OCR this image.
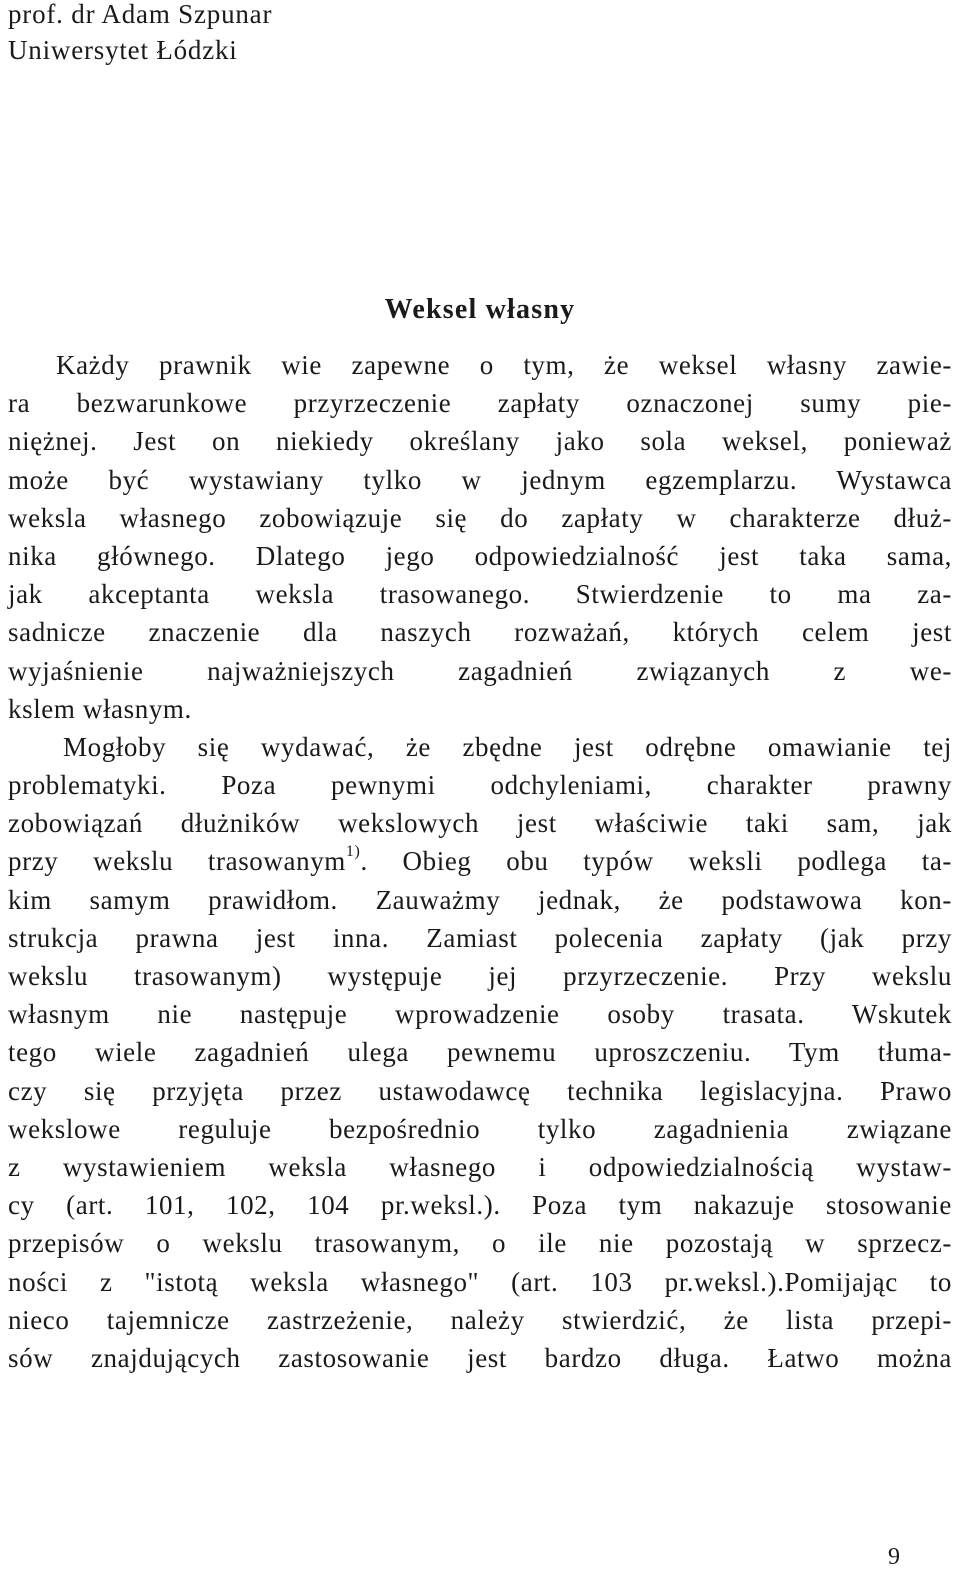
prof. dr Adam Szpunar
Uniwersytet Łódzki
Weksel własny
Każdy prawnik wie zapewne o tym, że weksel własny zawie-
ra bezwarunkowe przyrzeczenie zapłaty oznaczonej sumy pie-
niężnej. Jest on niekiedy określany jako sola weksel, ponieważ
może być wystawiany tylko w jednym egzemplarzu. Wystawca
weksla własnego zobowiązuje się do zapłaty w charakterze dłuż-
nika głównego. Dlatego jego odpowiedzialność jest taka sama,
jak akceptanta weksla trasowanego. Stwierdzenie to ma za-
sadnicze znaczenie dla naszych rozważań, których celem jest
wyjaśnienie najważniejszych zagadnień związanych z we-
kslem własnym.
Mogłoby się wydawać, że zbędne jest odrębne omawianie tej
problematyki. Poza pewnymi odchyleniami, charakter prawny
zobowiązań dłużników wekslowych jest właściwie taki sam, jak
przy wekslu trasowanym$^{1)}$. Obieg obu typów weksli podlega ta-
kim samym prawidłom. Zauważmy jednak, że podstawowa kon-
strukcja prawna jest inna. Zamiast polecenia zapłaty (jak przy
wekslu trasowanym) występuje jej przyrzeczenie. Przy wekslu
własnym nie następuje wprowadzenie osoby trasata. Wskutek
tego wiele zagadnień ulega pewnemu uproszczeniu. Tym tłuma-
czy się przyjęta przez ustawodawcę technika legislacyjna. Prawo
wekslowe reguluje bezpośrednio tylko zagadnienia związane
z wystawieniem weksla własnego i odpowiedzialnością wystaw-
cy (art. 101, 102, 104 pr.weksl.). Poza tym nakazuje stosowanie
przepisów o wekslu trasowanym, o ile nie pozostają w sprzecz-
ności z "istotą weksla własnego" (art. 103 pr.weksl.).Pomijając to
nieco tajemnicze zastrzeżenie, należy stwierdzić, że lista przepi-
sów znajdujących zastosowanie jest bardzo długa. Łatwo można
9
